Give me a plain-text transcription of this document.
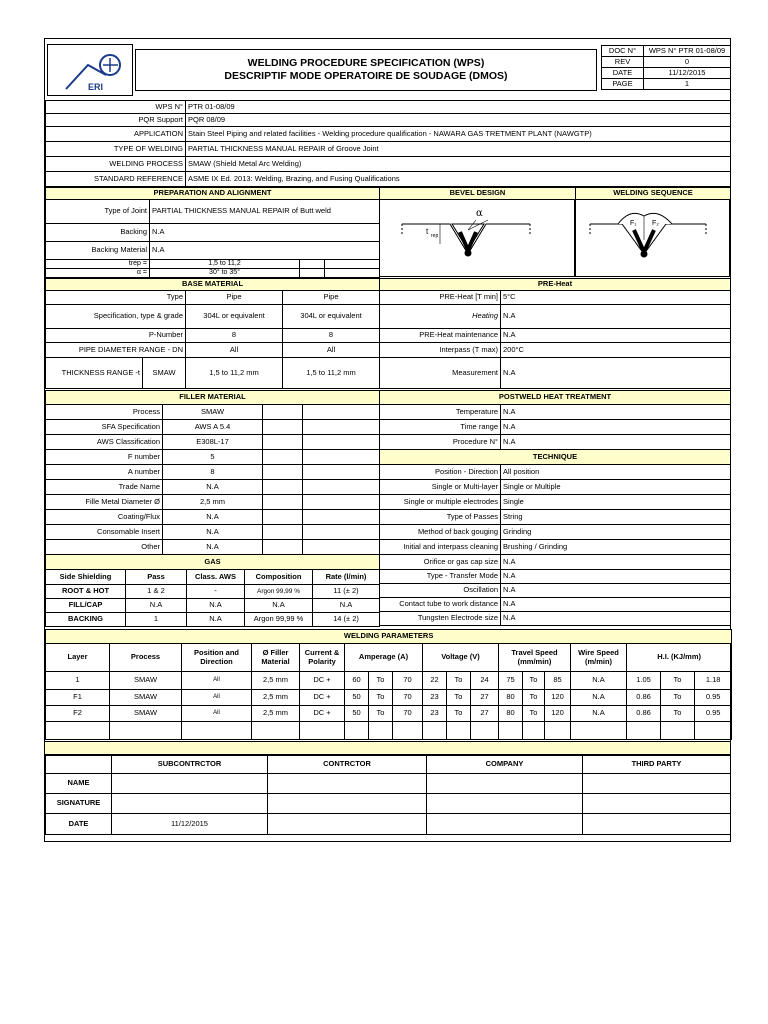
ERI
WELDING PROCEDURE SPECIFICATION (WPS)
DESCRIPTIF MODE OPERATOIRE DE SOUDAGE (DMOS)
DOC N°	WPS N° PTR 01-08/09
REV	0
DATE	11/12/2015
PAGE	1
WPS N°	PTR 01-08/09
PQR Support	PQR 08/09
APPLICATION	Stain Steel Piping and related facilities - Welding procedure qualification - NAWARA GAS TRETMENT PLANT (NAWGTP)
TYPE OF WELDING	PARTIAL THICKNESS MANUAL REPAIR of Groove Joint
WELDING PROCESS	SMAW (Shield Metal Arc Welding)
STANDARD REFERENCE	ASME IX Ed. 2013: Welding, Brazing, and Fusing Qualifications
PREPARATION AND ALIGNMENT	BEVEL DESIGN	WELDING SEQUENCE
Type of Joint	PARTIAL THICKNESS MANUAL REPAIR of Butt weld		
Backing	N.A		
Backing Material	N.A		
trep =	1,5 to 11,2		
α =	30° to 35°		
α
t rep
F₁ F₂
BASE MATERIAL	PRE-Heat
Type		Pipe	Pipe
Specification, type & grade		304L or equivalent	304L or equivalent
P-Number		8	8
PIPE DIAMETER RANGE - DN		All	All
THICKNESS RANGE -t	SMAW	1,5 to 11,2 mm	1,5 to 11,2 mm
PRE-Heat [T min]	5°C
Heating	N.A
PRE-Heat maintenance	N.A
Interpass (T max)	200°C
Measurement	N.A
FILLER MATERIAL	POSTWELD HEAT TREATMENT
Process	SMAW		
SFA Specification	AWS A 5.4		
AWS Classification	E308L-17		
F number	5		
A number	8		
Trade Name	N.A		
Fille Metal Diameter Ø	2,5 mm		
Coating/Flux	N.A		
Consomable Insert	N.A		
Other	N.A		
Temperature	N.A
Time range	N.A
Procedure N°	N.A
TECHNIQUE	
Position - Direction	All position
Single or Multi-layer	Single or Multiple
Single or multiple electrodes	Single
Type of Passes	String
Method of back gouging	Grinding
Initial and interpass cleaning	Brushing / Grinding
Orifice or gas cap size	N.A
Type - Transfer Mode	N.A
Oscillation	N.A
Contact tube to work distance	N.A
Tungsten Electrode size	N.A
GAS				
Side Shielding	Pass	Class. AWS	Composition	Rate (l/min)
ROOT & HOT	1 & 2	-	Argon 99,99 %	11 (± 2)
FILL/CAP	N.A	N.A	N.A	N.A
BACKING	1	N.A	Argon 99,99 %	14 (± 2)
WELDING PARAMETERS																	
Layer	Process	Position and Direction	Ø Filler Material	Current & Polarity	Amperage (A)			Voltage (V)			Travel Speed (mm/min)			Wire Speed (m/min)	H.I. (KJ/mm)		
1	SMAW	All	2,5 mm	DC +	60	To	70	22	To	24	75	To	85	N.A	1.05	To	1.18
F1	SMAW	All	2,5 mm	DC +	50	To	70	23	To	27	80	To	120	N.A	0.86	To	0.95
F2	SMAW	All	2,5 mm	DC +	50	To	70	23	To	27	80	To	120	N.A	0.86	To	0.95

	SUBCONTRCTOR	CONTRCTOR	COMPANY	THIRD PARTY
NAME				
SIGNATURE				
DATE	11/12/2015			
